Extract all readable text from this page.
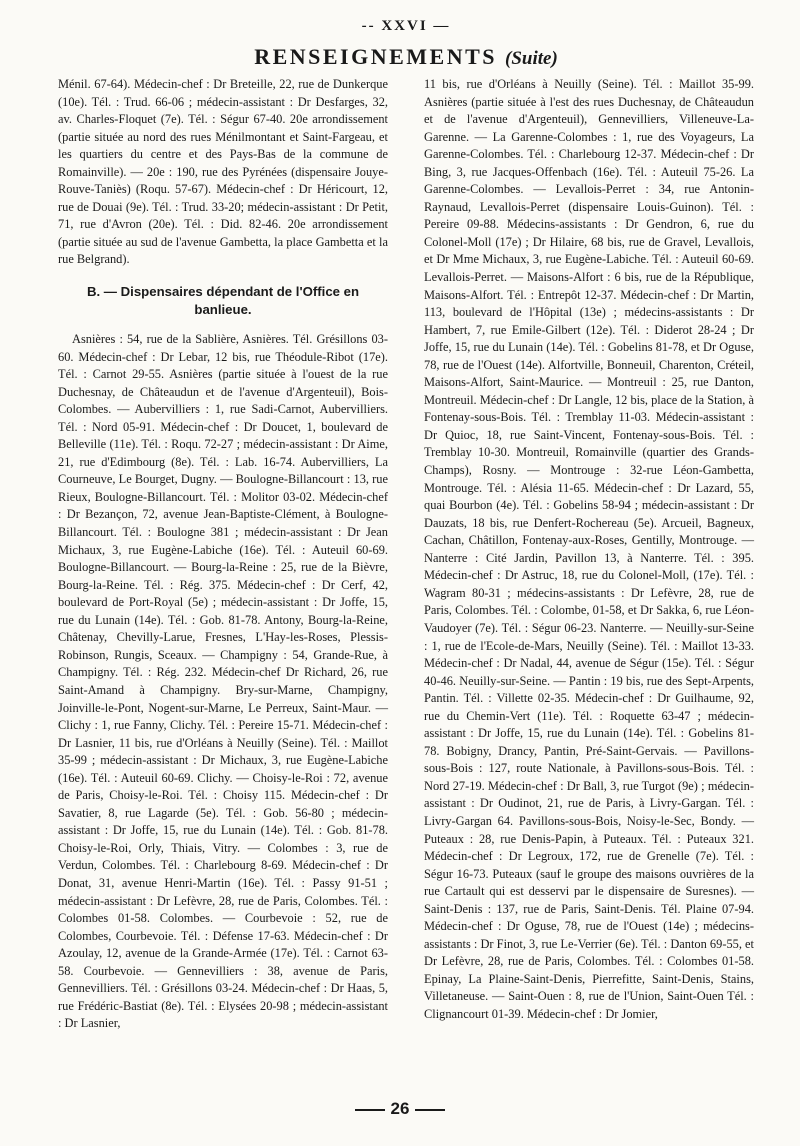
-- XXVI —
RENSEIGNEMENTS (Suite)

Ménil. 67-64). Médecin-chef : Dr Breteille, 22, rue de Dunkerque (10e). Tél. : Trud. 66-06 ; médecin-assistant : Dr Desfarges, 32, av. Charles-Floquet (7e). Tél. : Ségur 67-40. 20e arrondissement (partie située au nord des rues Ménilmontant et Saint-Fargeau, et les quartiers du centre et des Pays-Bas de la commune de Romainville). — 20e : 190, rue des Pyrénées (dispensaire Jouye-Rouve-Taniès) (Roqu. 57-67). Médecin-chef : Dr Héricourt, 12, rue de Douai (9e). Tél. : Trud. 33-20; médecin-assistant : Dr Petit, 71, rue d'Avron (20e). Tél. : Did. 82-46. 20e arrondissement (partie située au sud de l'avenue Gambetta, la place Gambetta et la rue Belgrand).

B. — Dispensaires dépendant de l'Office en banlieue.

Asnières : 54, rue de la Sablière, Asnières. Tél. Grésillons 03-60. Médecin-chef : Dr Lebar, 12 bis, rue Théodule-Ribot (17e). Tél. : Carnot 29-55. Asnières (partie située à l'ouest de la rue Duchesnay, de Châteaudun et de l'avenue d'Argenteuil), Bois-Colombes. — Aubervilliers : 1, rue Sadi-Carnot, Aubervilliers. Tél. : Nord 05-91. Médecin-chef : Dr Doucet, 1, boulevard de Belleville (11e). Tél. : Roqu. 72-27 ; médecin-assistant : Dr Aime, 21, rue d'Edimbourg (8e). Tél. : Lab. 16-74. Aubervilliers, La Courneuve, Le Bourget, Dugny. — Boulogne-Billancourt : 13, rue Rieux, Boulogne-Billancourt. Tél. : Molitor 03-02. Médecin-chef : Dr Bezançon, 72, avenue Jean-Baptiste-Clément, à Boulogne-Billancourt. Tél. : Boulogne 381 ; médecin-assistant : Dr Jean Michaux, 3, rue Eugène-Labiche (16e). Tél. : Auteuil 60-69. Boulogne-Billancourt. — Bourg-la-Reine : 25, rue de la Bièvre, Bourg-la-Reine. Tél. : Rég. 375. Médecin-chef : Dr Cerf, 42, boulevard de Port-Royal (5e) ; médecin-assistant : Dr Joffe, 15, rue du Lunain (14e). Tél. : Gob. 81-78. Antony, Bourg-la-Reine, Châtenay, Chevilly-Larue, Fresnes, L'Hay-les-Roses, Plessis-Robinson, Rungis, Sceaux. — Champigny : 54, Grande-Rue, à Champigny. Tél. : Rég. 232. Médecin-chef Dr Richard, 26, rue Saint-Amand à Champigny. Bry-sur-Marne, Champigny, Joinville-le-Pont, Nogent-sur-Marne, Le Perreux, Saint-Maur. — Clichy : 1, rue Fanny, Clichy. Tél. : Pereire 15-71. Médecin-chef : Dr Lasnier, 11 bis, rue d'Orléans à Neuilly (Seine). Tél. : Maillot 35-99 ; médecin-assistant : Dr Michaux, 3, rue Eugène-Labiche (16e). Tél. : Auteuil 60-69. Clichy. — Choisy-le-Roi : 72, avenue de Paris, Choisy-le-Roi. Tél. : Choisy 115. Médecin-chef : Dr Savatier, 8, rue Lagarde (5e). Tél. : Gob. 56-80 ; médecin-assistant : Dr Joffe, 15, rue du Lunain (14e). Tél. : Gob. 81-78. Choisy-le-Roi, Orly, Thiais, Vitry. — Colombes : 3, rue de Verdun, Colombes. Tél. : Charlebourg 8-69. Médecin-chef : Dr Donat, 31, avenue Henri-Martin (16e). Tél. : Passy 91-51 ; médecin-assistant : Dr Lefèvre, 28, rue de Paris, Colombes. Tél. : Colombes 01-58. Colombes. — Courbevoie : 52, rue de Colombes, Courbevoie. Tél. : Défense 17-63. Médecin-chef : Dr Azoulay, 12, avenue de la Grande-Armée (17e). Tél. : Carnot 63-58. Courbevoie. — Gennevilliers : 38, avenue de Paris, Gennevilliers. Tél. : Grésillons 03-24. Médecin-chef : Dr Haas, 5, rue Frédéric-Bastiat (8e). Tél. : Elysées 20-98 ; médecin-assistant : Dr Lasnier,

11 bis, rue d'Orléans à Neuilly (Seine). Tél. : Maillot 35-99. Asnières (partie située à l'est des rues Duchesnay, de Châteaudun et de l'avenue d'Argenteuil), Gennevilliers, Villeneuve-La-Garenne. — La Garenne-Colombes : 1, rue des Voyageurs, La Garenne-Colombes. Tél. : Charlebourg 12-37. Médecin-chef : Dr Bing, 3, rue Jacques-Offenbach (16e). Tél. : Auteuil 75-26. La Garenne-Colombes. — Levallois-Perret : 34, rue Antonin-Raynaud, Levallois-Perret (dispensaire Louis-Guinon). Tél. : Pereire 09-88. Médecins-assistants : Dr Gendron, 6, rue du Colonel-Moll (17e) ; Dr Hilaire, 68 bis, rue de Gravel, Levallois, et Dr Mme Michaux, 3, rue Eugène-Labiche. Tél. : Auteuil 60-69. Levallois-Perret. — Maisons-Alfort : 6 bis, rue de la République, Maisons-Alfort. Tél. : Entrepôt 12-37. Médecin-chef : Dr Martin, 113, boulevard de l'Hôpital (13e) ; médecins-assistants : Dr Hambert, 7, rue Emile-Gilbert (12e). Tél. : Diderot 28-24 ; Dr Joffe, 15, rue du Lunain (14e). Tél. : Gobelins 81-78, et Dr Oguse, 78, rue de l'Ouest (14e). Alfortville, Bonneuil, Charenton, Créteil, Maisons-Alfort, Saint-Maurice. — Montreuil : 25, rue Danton, Montreuil. Médecin-chef : Dr Langle, 12 bis, place de la Station, à Fontenay-sous-Bois. Tél. : Tremblay 11-03. Médecin-assistant : Dr Quioc, 18, rue Saint-Vincent, Fontenay-sous-Bois. Tél. : Tremblay 10-30. Montreuil, Romainville (quartier des Grands-Champs), Rosny. — Montrouge : 32-rue Léon-Gambetta, Montrouge. Tél. : Alésia 11-65. Médecin-chef : Dr Lazard, 55, quai Bourbon (4e). Tél. : Gobelins 58-94 ; médecin-assistant : Dr Dauzats, 18 bis, rue Denfert-Rochereau (5e). Arcueil, Bagneux, Cachan, Châtillon, Fontenay-aux-Roses, Gentilly, Montrouge. — Nanterre : Cité Jardin, Pavillon 13, à Nanterre. Tél. : 395. Médecin-chef : Dr Astruc, 18, rue du Colonel-Moll, (17e). Tél. : Wagram 80-31 ; médecins-assistants : Dr Lefèvre, 28, rue de Paris, Colombes. Tél. : Colombe, 01-58, et Dr Sakka, 6, rue Léon-Vaudoyer (7e). Tél. : Ségur 06-23. Nanterre. — Neuilly-sur-Seine : 1, rue de l'Ecole-de-Mars, Neuilly (Seine). Tél. : Maillot 13-33. Médecin-chef : Dr Nadal, 44, avenue de Ségur (15e). Tél. : Ségur 40-46. Neuilly-sur-Seine. — Pantin : 19 bis, rue des Sept-Arpents, Pantin. Tél. : Villette 02-35. Médecin-chef : Dr Guilhaume, 92, rue du Chemin-Vert (11e). Tél. : Roquette 63-47 ; médecin-assistant : Dr Joffe, 15, rue du Lunain (14e). Tél. : Gobelins 81-78. Bobigny, Drancy, Pantin, Pré-Saint-Gervais. — Pavillons-sous-Bois : 127, route Nationale, à Pavillons-sous-Bois. Tél. : Nord 27-19. Médecin-chef : Dr Ball, 3, rue Turgot (9e) ; médecin-assistant : Dr Oudinot, 21, rue de Paris, à Livry-Gargan. Tél. : Livry-Gargan 64. Pavillons-sous-Bois, Noisy-le-Sec, Bondy. — Puteaux : 28, rue Denis-Papin, à Puteaux. Tél. : Puteaux 321. Médecin-chef : Dr Legroux, 172, rue de Grenelle (7e). Tél. : Ségur 16-73. Puteaux (sauf le groupe des maisons ouvrières de la rue Cartault qui est desservi par le dispensaire de Suresnes). — Saint-Denis : 137, rue de Paris, Saint-Denis. Tél. Plaine 07-94. Médecin-chef : Dr Oguse, 78, rue de l'Ouest (14e) ; médecins-assistants : Dr Finot, 3, rue Le-Verrier (6e). Tél. : Danton 69-55, et Dr Lefèvre, 28, rue de Paris, Colombes. Tél. : Colombes 01-58. Epinay, La Plaine-Saint-Denis, Pierrefitte, Saint-Denis, Stains, Villetaneuse. — Saint-Ouen : 8, rue de l'Union, Saint-Ouen Tél. : Clignancourt 01-39. Médecin-chef : Dr Jomier,

26
